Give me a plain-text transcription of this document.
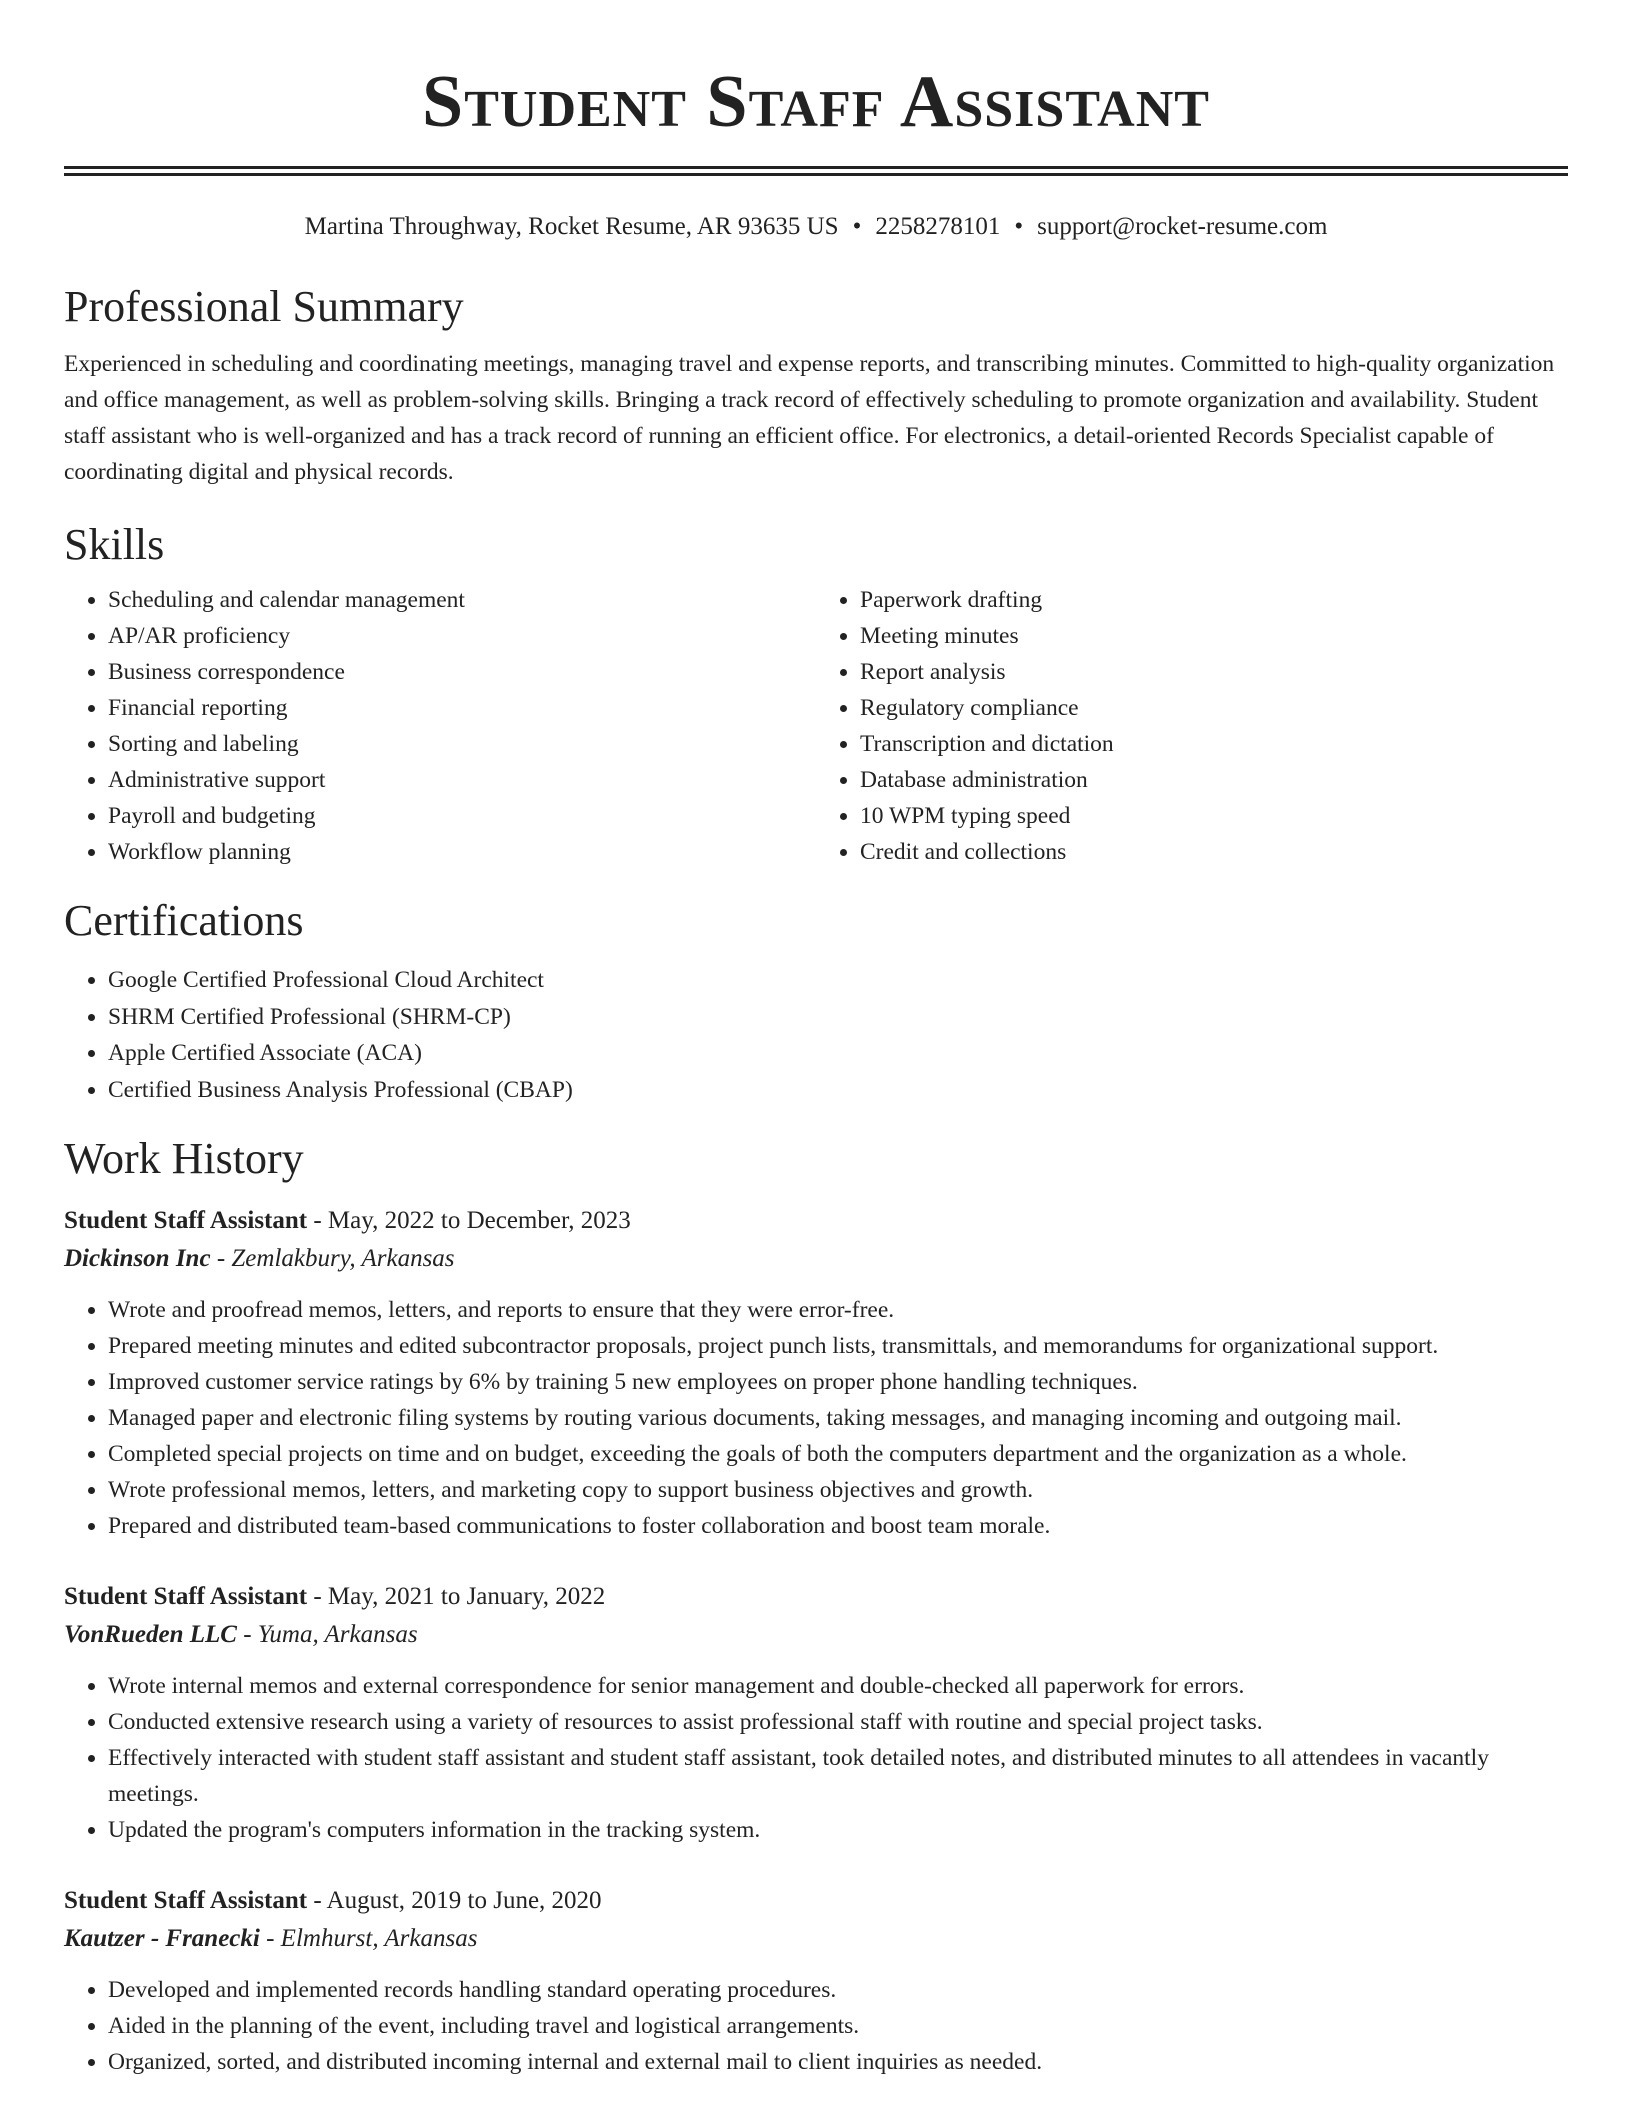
Student Staff Assistant
Martina Throughway, Rocket Resume, AR 93635 US • 2258278101 • support@rocket-resume.com
Professional Summary

Experienced in scheduling and coordinating meetings, managing travel and expense reports, and transcribing minutes. Committed to high-quality organization and office management, as well as problem-solving skills. Bringing a track record of effectively scheduling to promote organization and availability. Student staff assistant who is well-organized and has a track record of running an efficient office. For electronics, a detail-oriented Records Specialist capable of coordinating digital and physical records.

Skills
• Scheduling and calendar management
• AP/AR proficiency
• Business correspondence
• Financial reporting
• Sorting and labeling
• Administrative support
• Payroll and budgeting
• Workflow planning
• Paperwork drafting
• Meeting minutes
• Report analysis
• Regulatory compliance
• Transcription and dictation
• Database administration
• 10 WPM typing speed
• Credit and collections
Certifications
• Google Certified Professional Cloud Architect
• SHRM Certified Professional (SHRM-CP)
• Apple Certified Associate (ACA)
• Certified Business Analysis Professional (CBAP)
Work History
Student Staff Assistant - May, 2022 to December, 2023
Dickinson Inc - Zemlakbury, Arkansas
• Wrote and proofread memos, letters, and reports to ensure that they were error-free.
• Prepared meeting minutes and edited subcontractor proposals, project punch lists, transmittals, and memorandums for organizational support.
• Improved customer service ratings by 6% by training 5 new employees on proper phone handling techniques.
• Managed paper and electronic filing systems by routing various documents, taking messages, and managing incoming and outgoing mail.
• Completed special projects on time and on budget, exceeding the goals of both the computers department and the organization as a whole.
• Wrote professional memos, letters, and marketing copy to support business objectives and growth.
• Prepared and distributed team-based communications to foster collaboration and boost team morale.
Student Staff Assistant - May, 2021 to January, 2022
VonRueden LLC - Yuma, Arkansas
• Wrote internal memos and external correspondence for senior management and double-checked all paperwork for errors.
• Conducted extensive research using a variety of resources to assist professional staff with routine and special project tasks.
• Effectively interacted with student staff assistant and student staff assistant, took detailed notes, and distributed minutes to all attendees in vacantly meetings.
• Updated the program's computers information in the tracking system.
Student Staff Assistant - August, 2019 to June, 2020
Kautzer - Franecki - Elmhurst, Arkansas
• Developed and implemented records handling standard operating procedures.
• Aided in the planning of the event, including travel and logistical arrangements.
• Organized, sorted, and distributed incoming internal and external mail to client inquiries as needed.
